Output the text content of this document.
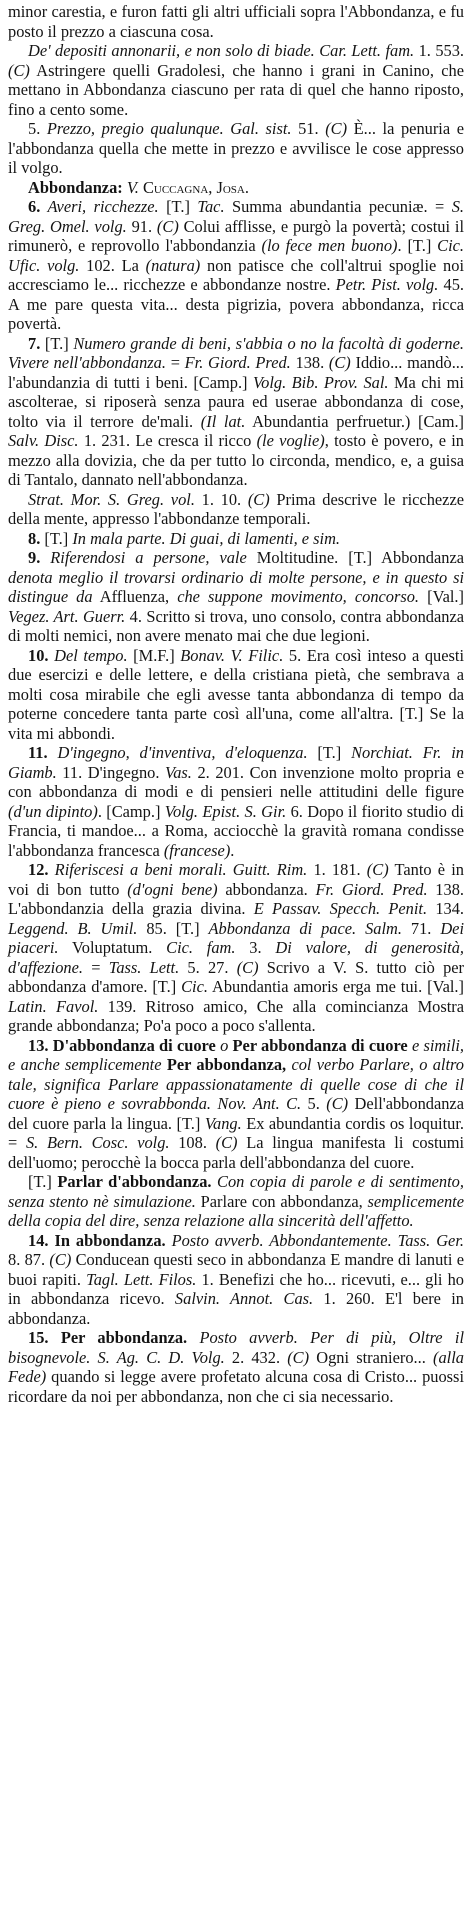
minor carestia, e furon fatti gli altri ufficiali sopra l'Abbondanza, e fu posto il prezzo a ciascuna cosa.

De' depositi annonarii, e non solo di biade. Car. Lett. fam. 1. 553. (C) Astringere quelli Gradolesi, che hanno i grani in Canino, che mettano in Abbondanza ciascuno per rata di quel che hanno riposto, fino a cento some.

5. Prezzo, pregio qualunque. Gal. sist. 51. (C) È... la penuria e l'abbondanza quella che mette in prezzo e avvilisce le cose appresso il volgo.

Abbondanza: V. Cuccagna, Josa.

6. Averi, ricchezze. [T.] Tac. Summa abundantia pecuniæ. = S. Greg. Omel. volg. 91. (C) Colui afflisse, e purgò la povertà; costui il rimunerò, e reprovollo l'abbondanzia (lo fece men buono). [T.] Cic. Ufic. volg. 102. La (natura) non patisce che coll'altrui spoglie noi accresciamo le... ricchezze e abbondanze nostre. Petr. Pist. volg. 45. A me pare questa vita... desta pigrizia, povera abbondanza, ricca povertà.

7. [T.] Numero grande di beni, s'abbia o no la facoltà di goderne. Vivere nell'abbondanza. = Fr. Giord. Pred. 138. (C) Iddio... mandò... l'abundanzia di tutti i beni. [Camp.] Volg. Bib. Prov. Sal. Ma chi mi ascolterae, si riposerà senza paura ed userae abbondanza di cose, tolto via il terrore de'mali. (Il lat. Abundantia perfruetur.) [Cam.] Salv. Disc. 1. 231. Le cresca il ricco (le voglie), tosto è povero, e in mezzo alla dovizia, che da per tutto lo circonda, mendico, e, a guisa di Tantalo, dannato nell'abbondanza.

Strat. Mor. S. Greg. vol. 1. 10. (C) Prima descrive le ricchezze della mente, appresso l'abbondanze temporali.

8. [T.] In mala parte. Di guai, di lamenti, e sim.

9. Riferendosi a persone, vale Moltitudine. [T.] Abbondanza denota meglio il trovarsi ordinario di molte persone, e in questo si distingue da Affluenza, che suppone movimento, concorso. [Val.] Vegez. Art. Guerr. 4. Scritto si trova, uno consolo, contra abbondanza di molti nemici, non avere menato mai che due legioni.

10. Del tempo. [M.F.] Bonav. V. Filic. 5. Era così inteso a questi due esercizi e delle lettere, e della cristiana pietà, che sembrava a molti cosa mirabile che egli avesse tanta abbondanza di tempo da poterne concedere tanta parte così all'una, come all'altra. [T.] Se la vita mi abbondi.

11. D'ingegno, d'inventiva, d'eloquenza. [T.] Norchiat. Fr. in Giamb. 11. D'ingegno. Vas. 2. 201. Con invenzione molto propria e con abbondanza di modi e di pensieri nelle attitudini delle figure (d'un dipinto). [Camp.] Volg. Epist. S. Gir. 6. Dopo il fiorito studio di Francia, ti mandoe... a Roma, acciocchè la gravità romana condisse l'abbondanza francesca (francese).

12. Riferiscesi a beni morali. Guitt. Rim. 1. 181. (C) Tanto è in voi di bon tutto (d'ogni bene) abbondanza. Fr. Giord. Pred. 138. L'abbondanzia della grazia divina. E Passav. Specch. Penit. 134. Leggend. B. Umil. 85. [T.] Abbondanza di pace. Salm. 71. Dei piaceri. Voluptatum. Cic. fam. 3. Di valore, di generosità, d'affezione. = Tass. Lett. 5. 27. (C) Scrivo a V. S. tutto ciò per abbondanza d'amore. [T.] Cic. Abundantia amoris erga me tui. [Val.] Latin. Favol. 139. Ritroso amico, Che alla comincianza Mostra grande abbondanza; Po'a poco a poco s'allenta.

13. D'abbondanza di cuore o Per abbondanza di cuore e simili, e anche semplicemente Per abbondanza, col verbo Parlare, o altro tale, significa Parlare appassionatamente di quelle cose di che il cuore è pieno e sovrabbonda. Nov. Ant. C. 5. (C) Dell'abbondanza del cuore parla la lingua. [T.] Vang. Ex abundantia cordis os loquitur. = S. Bern. Cosc. volg. 108. (C) La lingua manifesta li costumi dell'uomo; perocchè la bocca parla dell'abbondanza del cuore.

[T.] Parlar d'abbondanza. Con copia di parole e di sentimento, senza stento nè simulazione. Parlare con abbondanza, semplicemente della copia del dire, senza relazione alla sincerità dell'affetto.

14. In abbondanza. Posto avverb. Abbondantemente. Tass. Ger. 8. 87. (C) Conducean questi seco in abbondanza E mandre di lanuti e buoi rapiti. Tagl. Lett. Filos. 1. Benefizi che ho... ricevuti, e... gli ho in abbondanza ricevo. Salvin. Annot. Cas. 1. 260. E'l bere in abbondanza.

15. Per abbondanza. Posto avverb. Per di più, Oltre il bisognevole. S. Ag. C. D. Volg. 2. 432. (C) Ogni straniero... (alla Fede) quando si legge avere profetato alcuna cosa di Cristo... puossi ricordare da noi per abbondanza, non che ci sia necessario.
